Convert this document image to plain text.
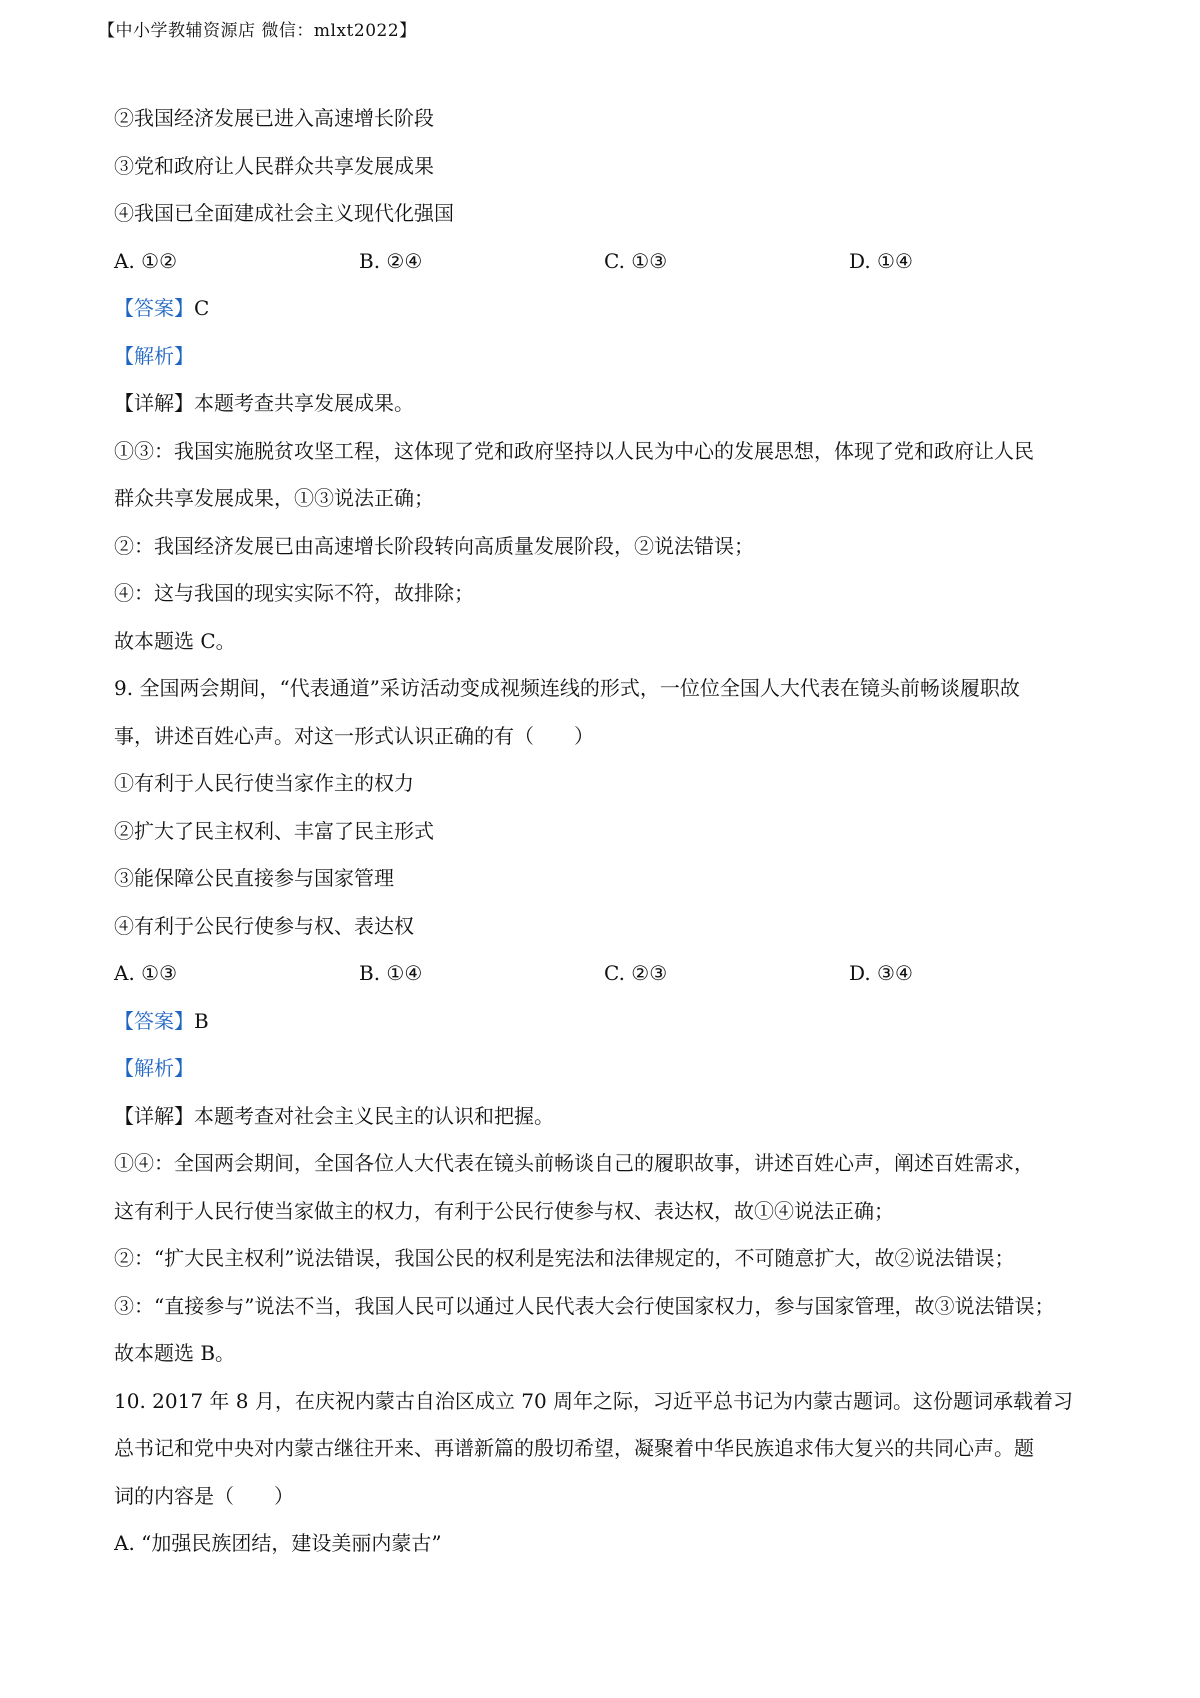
【中小学教辅资源店 微信：mlxt2022】
②我国经济发展已进入高速增长阶段
③党和政府让人民群众共享发展成果
④我国已全面建成社会主义现代化强国
A. ①②	B. ②④	C. ①③	D. ①④
【答案】C
【解析】
【详解】本题考查共享发展成果。
①③：我国实施脱贫攻坚工程，这体现了党和政府坚持以人民为中心的发展思想，体现了党和政府让人民
群众共享发展成果，①③说法正确；
②：我国经济发展已由高速增长阶段转向高质量发展阶段，②说法错误；
④：这与我国的现实实际不符，故排除；
故本题选 C。
9. 全国两会期间，“代表通道”采访活动变成视频连线的形式，一位位全国人大代表在镜头前畅谈履职故
事，讲述百姓心声。对这一形式认识正确的有（　　）
①有利于人民行使当家作主的权力
②扩大了民主权利、丰富了民主形式
③能保障公民直接参与国家管理
④有利于公民行使参与权、表达权
A. ①③	B. ①④	C. ②③	D. ③④
【答案】B
【解析】
【详解】本题考查对社会主义民主的认识和把握。
①④：全国两会期间，全国各位人大代表在镜头前畅谈自己的履职故事，讲述百姓心声，阐述百姓需求，
这有利于人民行使当家做主的权力，有利于公民行使参与权、表达权，故①④说法正确；
②：“扩大民主权利”说法错误，我国公民的权利是宪法和法律规定的，不可随意扩大，故②说法错误；
③：“直接参与”说法不当，我国人民可以通过人民代表大会行使国家权力，参与国家管理，故③说法错误；
故本题选 B。
10. 2017 年 8 月，在庆祝内蒙古自治区成立 70 周年之际，习近平总书记为内蒙古题词。这份题词承载着习
总书记和党中央对内蒙古继往开来、再谱新篇的殷切希望，凝聚着中华民族追求伟大复兴的共同心声。题
词的内容是（　　）
A. “加强民族团结，建设美丽内蒙古”
